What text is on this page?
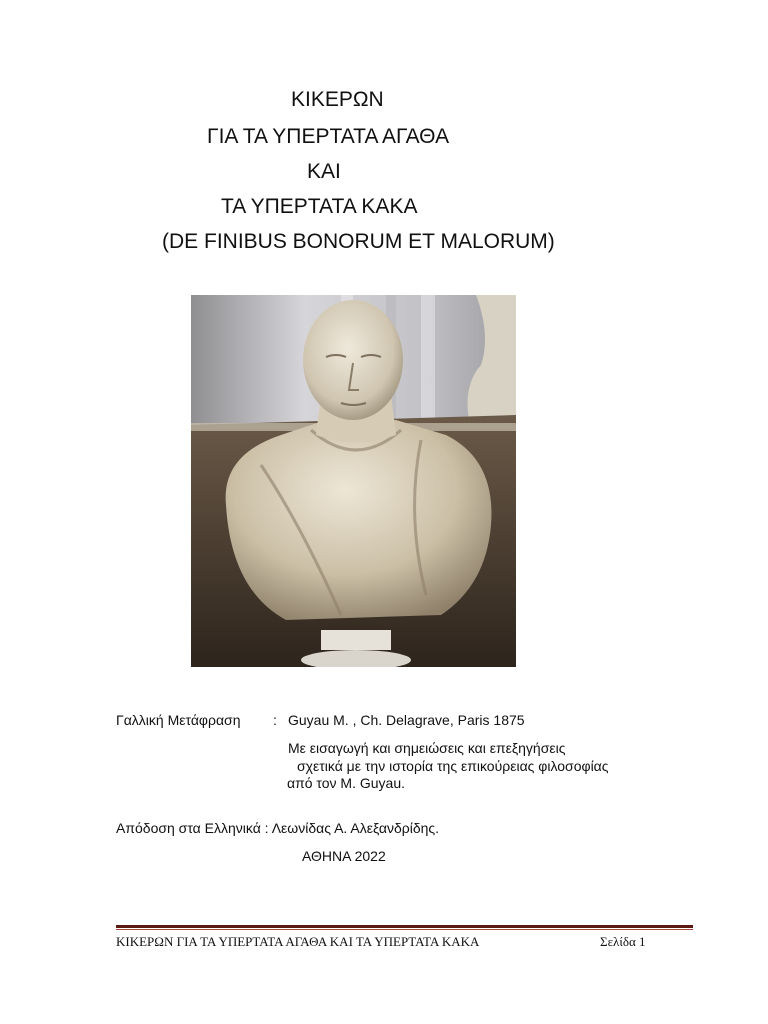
ΚΙΚΕΡΩΝ
ΓΙΑ ΤΑ ΥΠΕΡΤΑΤΑ ΑΓΑΘΑ
ΚΑΙ
ΤΑ ΥΠΕΡΤΑΤΑ ΚΑΚΑ
(DE FINIBUS BONORUM ET MALORUM)
Γαλλική Μετάφραση : Guyau M. , Ch. Delagrave, Paris 1875
Με εισαγωγή και σημειώσεις και επεξηγήσεις
σχετικά με την ιστορία της επικούρειας φιλοσοφίας
από τον M. Guyau.
Απόδοση στα Ελληνικά : Λεωνίδας Α. Αλεξανδρίδης.
ΑΘΗΝΑ 2022
ΚΙΚΕΡΩΝ ΓΙΑ ΤΑ ΥΠΕΡΤΑΤΑ ΑΓΑΘΑ ΚΑΙ ΤΑ ΥΠΕΡΤΑΤΑ ΚΑΚΑ	Σελίδα 1
